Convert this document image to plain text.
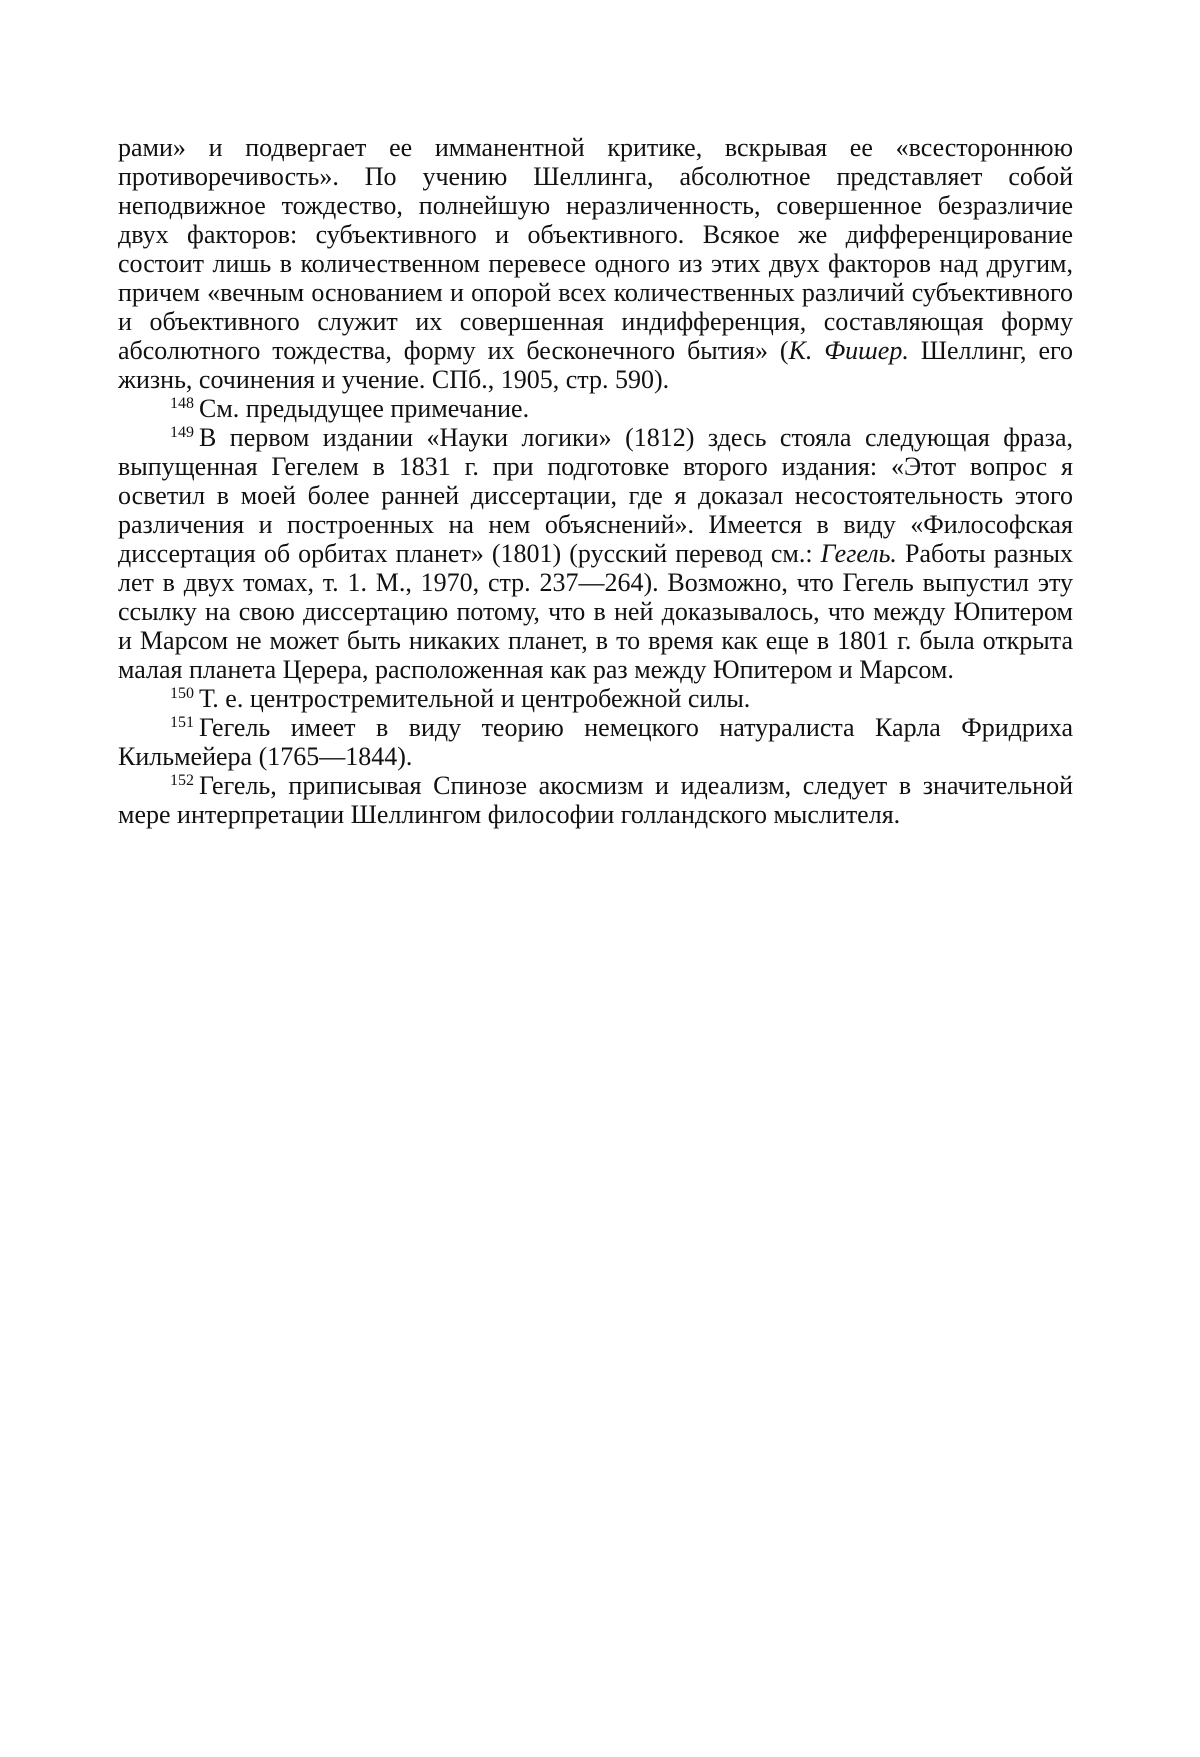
рами» и подвергает ее имманентной критике, вскрывая ее «всестороннюю противоречивость». По учению Шеллинга, абсолютное представляет собой неподвижное тождество, полнейшую неразличенность, совершенное безразличие двух факторов: субъективного и объективного. Всякое же дифференцирование состоит лишь в количественном перевесе одного из этих двух факторов над другим, причем «вечным основанием и опорой всех количественных различий субъективного и объективного служит их совершенная индифференция, составляющая форму абсолютного тождества, форму их бесконечного бытия» (К. Фишер. Шеллинг, его жизнь, сочинения и учение. СПб., 1905, стр. 590).

$^{148}$ См. предыдущее примечание.

$^{149}$ В первом издании «Науки логики» (1812) здесь стояла следующая фраза, выпущенная Гегелем в 1831 г. при подготовке второго издания: «Этот вопрос я осветил в моей более ранней диссертации, где я доказал несостоятельность этого различения и построенных на нем объяснений». Имеется в виду «Философская диссертация об орбитах планет» (1801) (русский перевод см.: Гегель. Работы разных лет в двух томах, т. 1. М., 1970, стр. 237—264). Возможно, что Гегель выпустил эту ссылку на свою диссертацию потому, что в ней доказывалось, что между Юпитером и Марсом не может быть никаких планет, в то время как еще в 1801 г. была открыта малая планета Церера, расположенная как раз между Юпитером и Марсом.

$^{150}$ Т. е. центростремительной и центробежной силы.

$^{151}$ Гегель имеет в виду теорию немецкого натуралиста Карла Фридриха Кильмейера (1765—1844).

$^{152}$ Гегель, приписывая Спинозе акосмизм и идеализм, следует в значительной мере интерпретации Шеллингом философии голландского мыслителя.
